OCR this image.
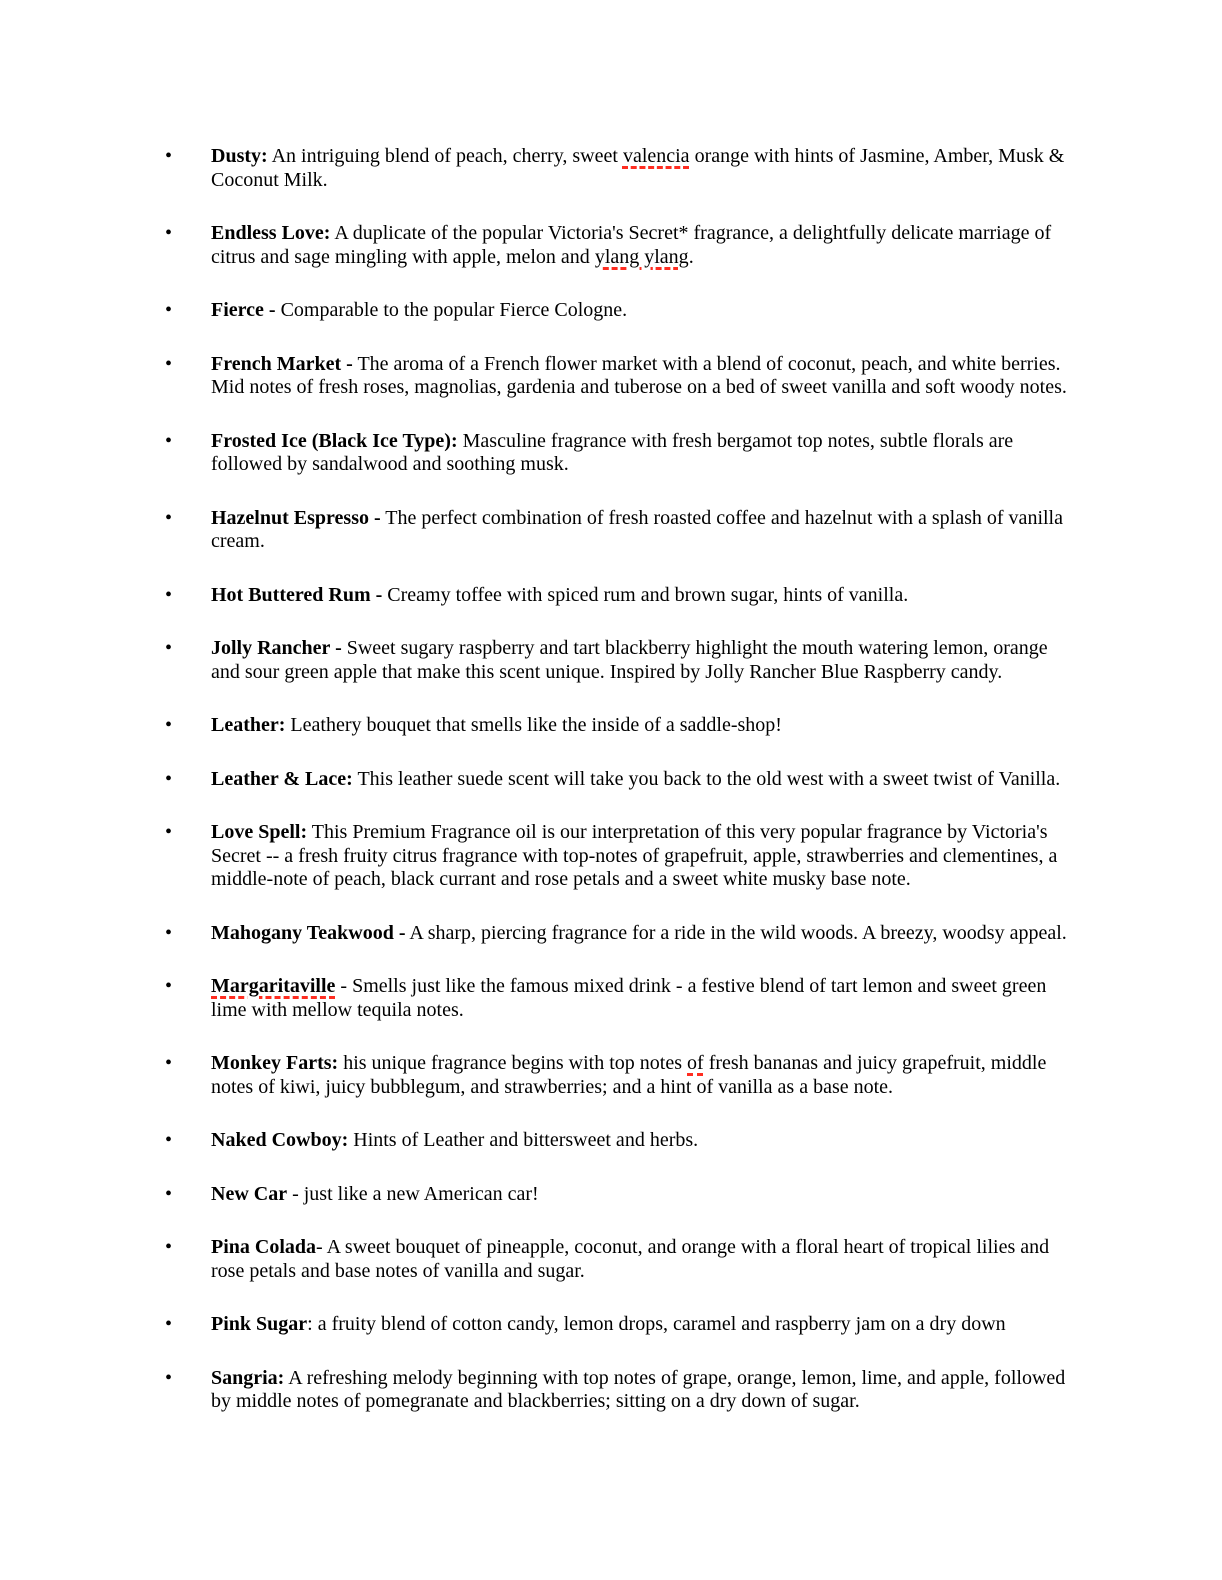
• Dusty: An intriguing blend of peach, cherry, sweet valencia orange with hints of Jasmine, Amber, Musk & Coconut Milk.
• Endless Love: A duplicate of the popular Victoria's Secret* fragrance, a delightfully delicate marriage of citrus and sage mingling with apple, melon and ylang ylang.
• Fierce - Comparable to the popular Fierce Cologne.
• French Market - The aroma of a French flower market with a blend of coconut, peach, and white berries. Mid notes of fresh roses, magnolias, gardenia and tuberose on a bed of sweet vanilla and soft woody notes.
• Frosted Ice (Black Ice Type): Masculine fragrance with fresh bergamot top notes, subtle florals are followed by sandalwood and soothing musk.
• Hazelnut Espresso - The perfect combination of fresh roasted coffee and hazelnut with a splash of vanilla cream.
• Hot Buttered Rum - Creamy toffee with spiced rum and brown sugar, hints of vanilla.
• Jolly Rancher - Sweet sugary raspberry and tart blackberry highlight the mouth watering lemon, orange and sour green apple that make this scent unique. Inspired by Jolly Rancher Blue Raspberry candy.
• Leather: Leathery bouquet that smells like the inside of a saddle-shop!
• Leather & Lace: This leather suede scent will take you back to the old west with a sweet twist of Vanilla.
• Love Spell: This Premium Fragrance oil is our interpretation of this very popular fragrance by Victoria's Secret -- a fresh fruity citrus fragrance with top-notes of grapefruit, apple, strawberries and clementines, a middle-note of peach, black currant and rose petals and a sweet white musky base note.
• Mahogany Teakwood - A sharp, piercing fragrance for a ride in the wild woods. A breezy, woodsy appeal.
• Margaritaville - Smells just like the famous mixed drink - a festive blend of tart lemon and sweet green lime with mellow tequila notes.
• Monkey Farts: his unique fragrance begins with top notes of fresh bananas and juicy grapefruit, middle notes of kiwi, juicy bubblegum, and strawberries; and a hint of vanilla as a base note.
• Naked Cowboy: Hints of Leather and bittersweet and herbs.
• New Car - just like a new American car!
• Pina Colada- A sweet bouquet of pineapple, coconut, and orange with a floral heart of tropical lilies and rose petals and base notes of vanilla and sugar.
• Pink Sugar: a fruity blend of cotton candy, lemon drops, caramel and raspberry jam on a dry down
• Sangria: A refreshing melody beginning with top notes of grape, orange, lemon, lime, and apple, followed by middle notes of pomegranate and blackberries; sitting on a dry down of sugar.
